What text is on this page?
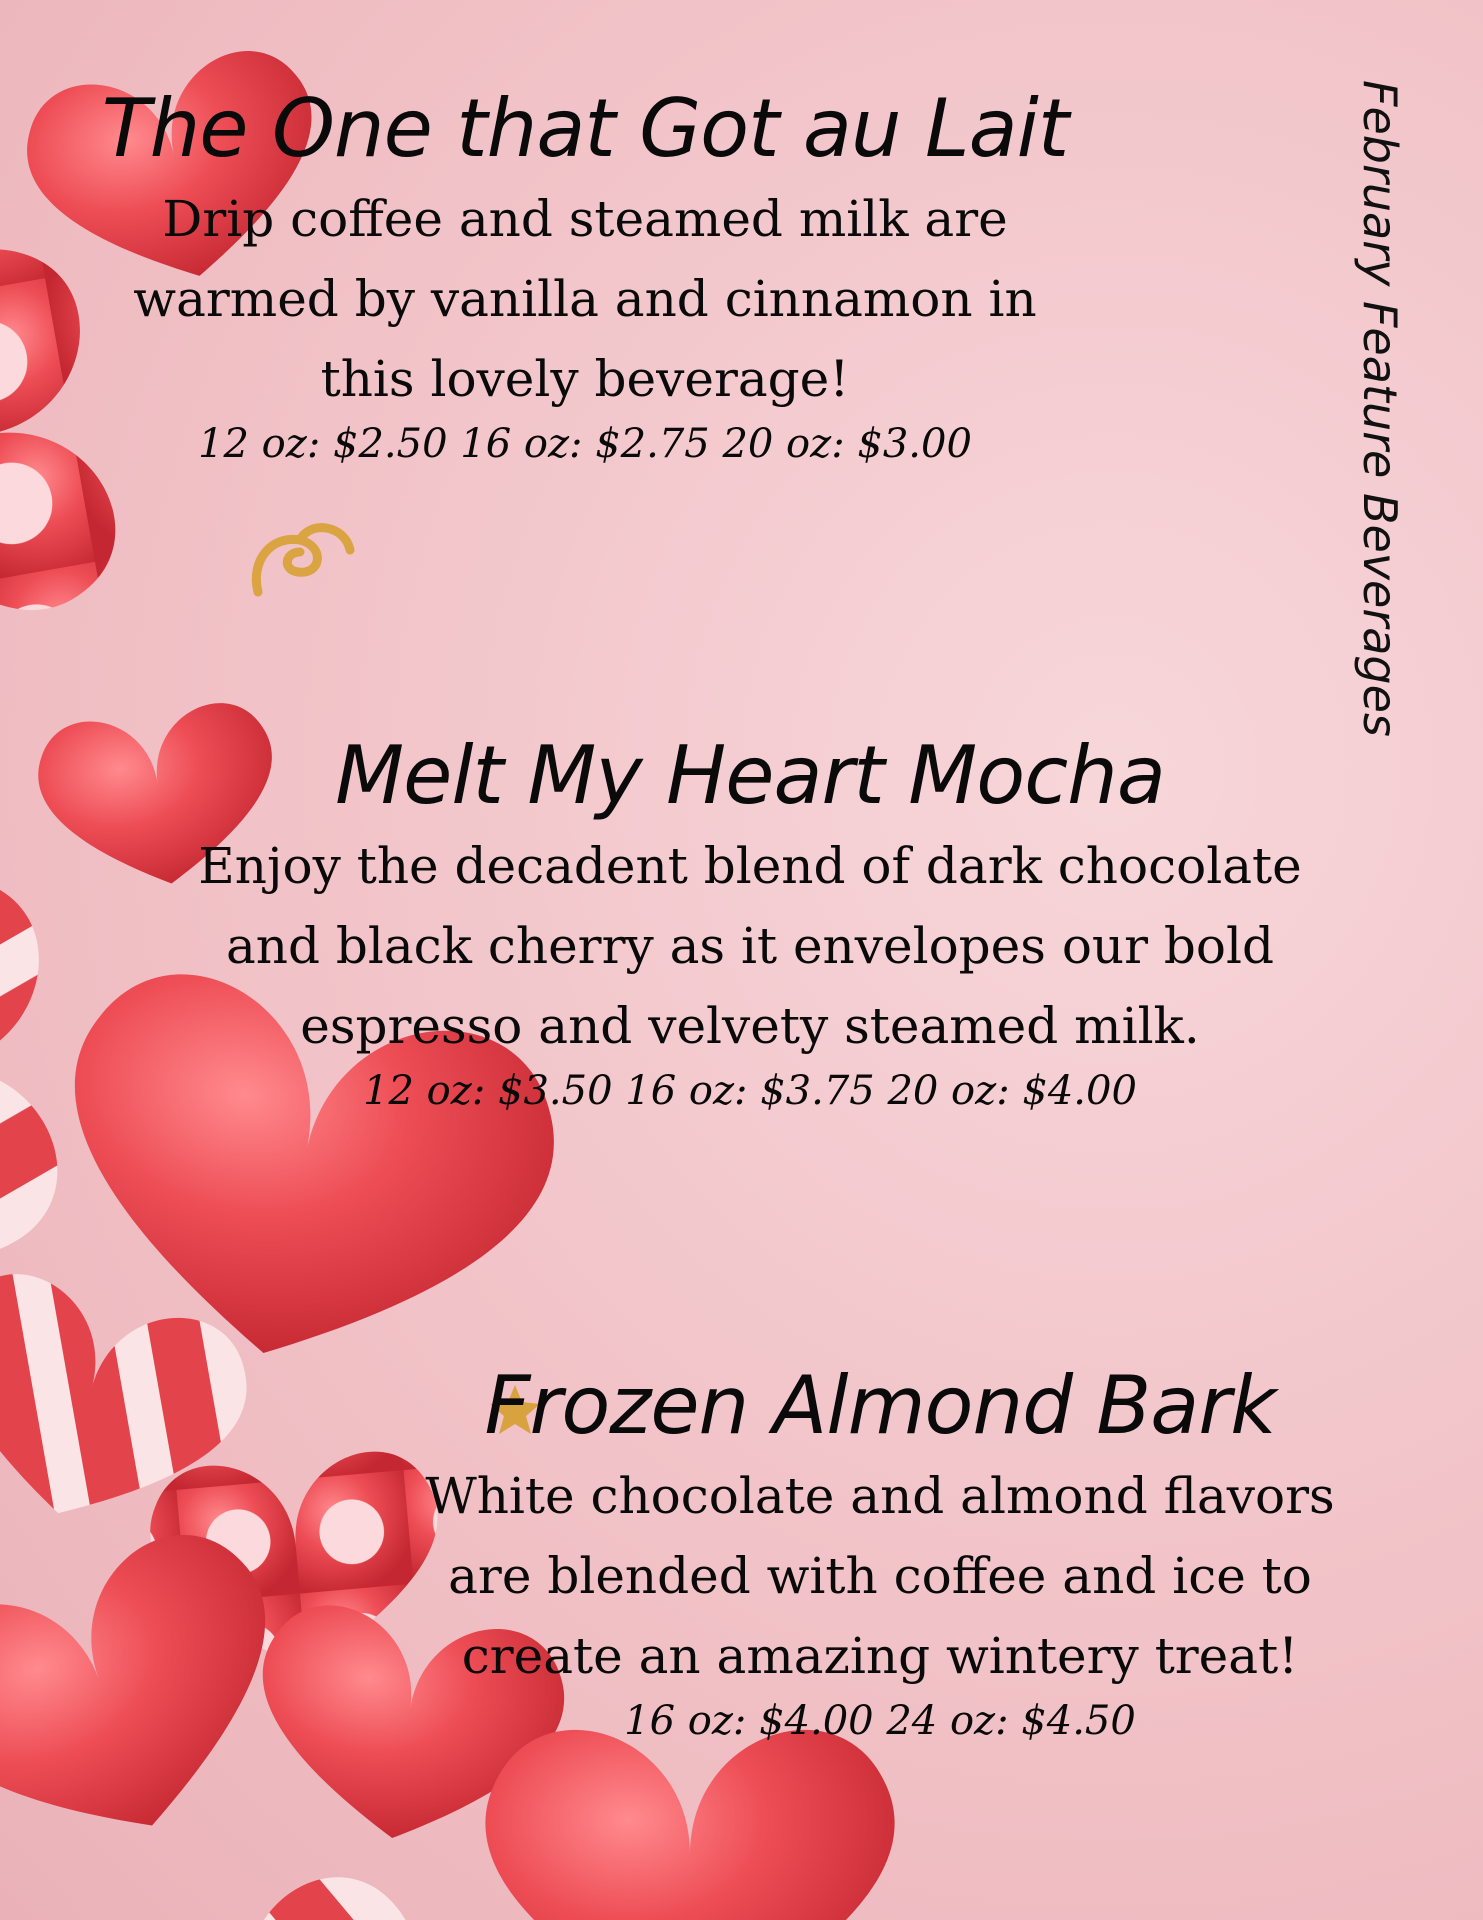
February Feature Beverages
The One that Got au Lait
Drip coffee and steamed milk are
warmed by vanilla and cinnamon in
this lovely beverage!
12 oz: $2.50 16 oz: $2.75 20 oz: $3.00
Melt My Heart Mocha
Enjoy the decadent blend of dark chocolate
and black cherry as it envelopes our bold
espresso and velvety steamed milk.
12 oz: $3.50 16 oz: $3.75 20 oz: $4.00
Frozen Almond Bark
White chocolate and almond flavors
are blended with coffee and ice to
create an amazing wintery treat!
16 oz: $4.00 24 oz: $4.50
